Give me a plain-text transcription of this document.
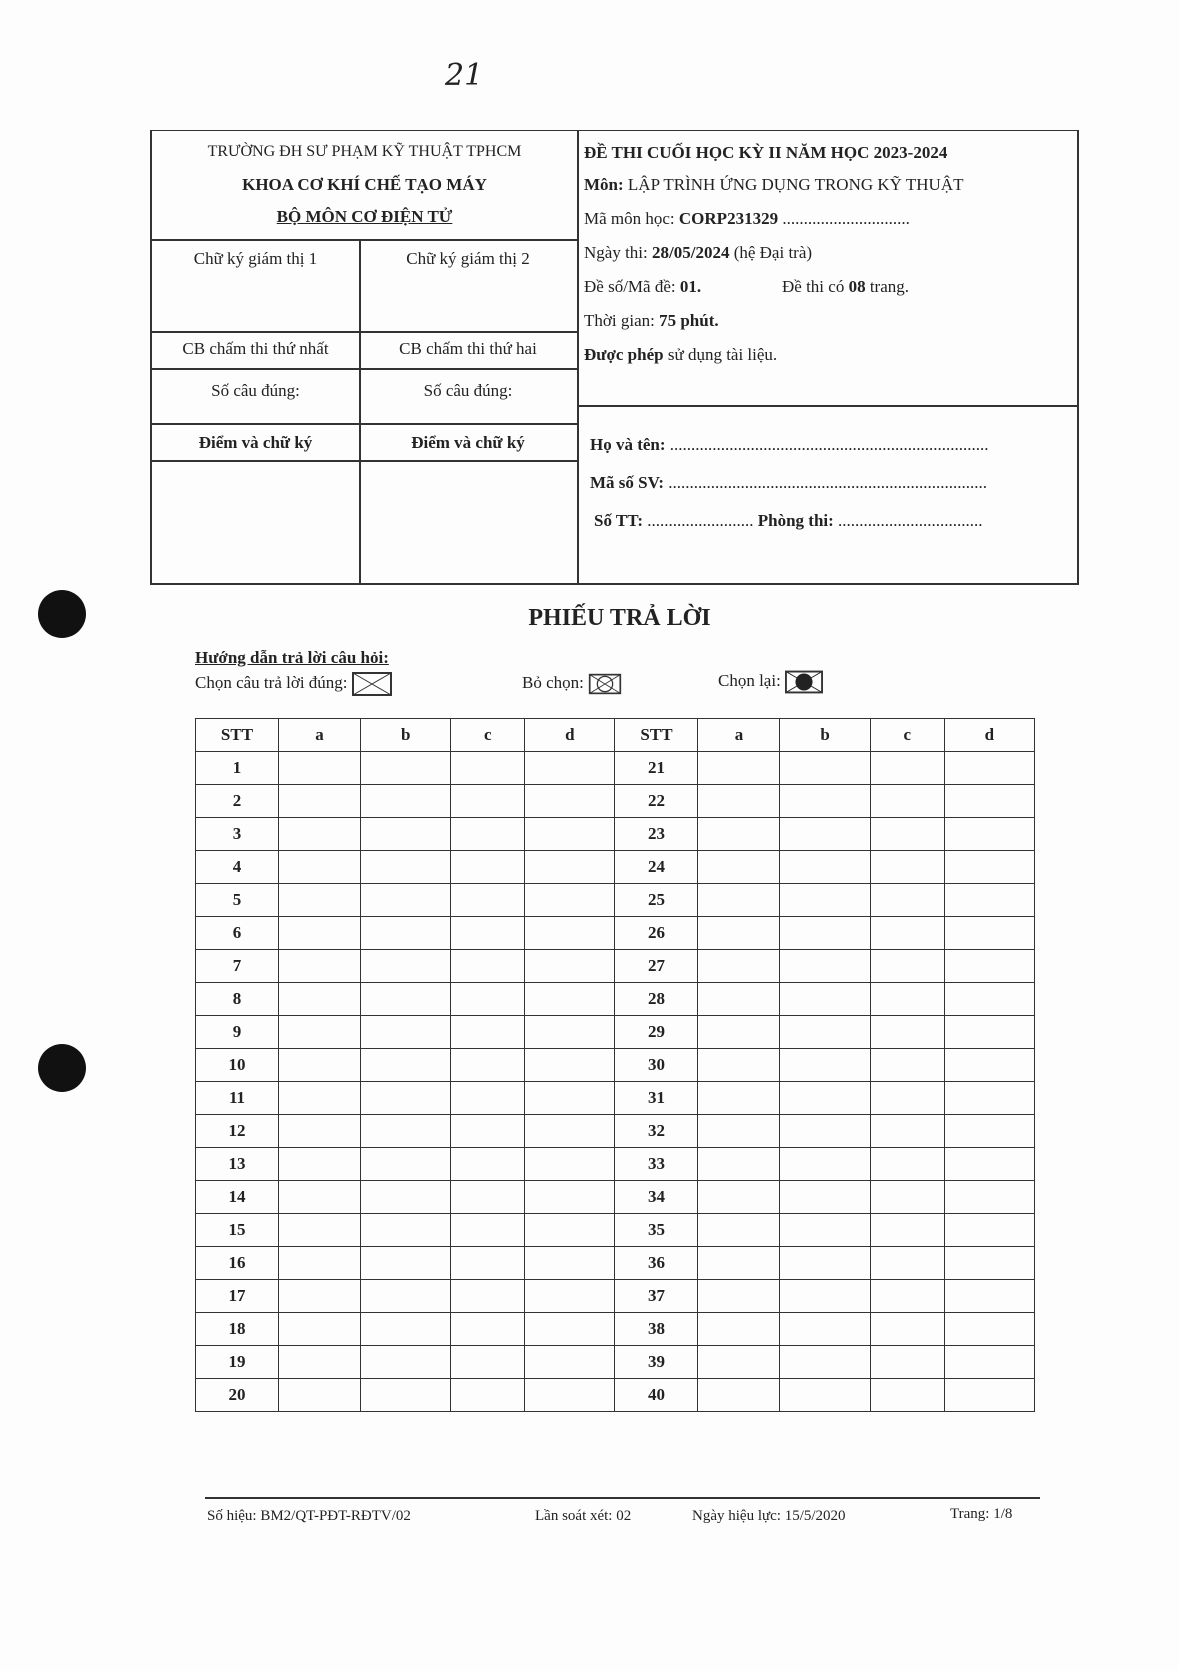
21
TRƯỜNG ĐH SƯ PHẠM KỸ THUẬT TPHCM
KHOA CƠ KHÍ CHẾ TẠO MÁY
BỘ MÔN CƠ ĐIỆN TỬ
Chữ ký giám thị 1	Chữ ký giám thị 2
CB chấm thi thứ nhất	CB chấm thi thứ hai
Số câu đúng:	Số câu đúng:
Điểm và chữ ký	Điểm và chữ ký
ĐỀ THI CUỐI HỌC KỲ II NĂM HỌC 2023-2024
Môn: LẬP TRÌNH ỨNG DỤNG TRONG KỸ THUẬT
Mã môn học: CORP231329 ..............................
Ngày thi: 28/05/2024 (hệ Đại trà)
Đề số/Mã đề: 01.	Đề thi có 08 trang.
Thời gian: 75 phút.
Được phép sử dụng tài liệu.
Họ và tên: ...........................................................................
Mã số SV: ...........................................................................
Số TT: ......................... Phòng thi: ..................................
PHIẾU TRẢ LỜI
Hướng dẫn trả lời câu hỏi:
Chọn câu trả lời đúng:	Bỏ chọn:	Chọn lại:
STT	a	b	c	d	STT	a	b	c	d
1					21				
2					22				
3					23				
4					24				
5					25				
6					26				
7					27				
8					28				
9					29				
10					30				
11					31				
12					32				
13					33				
14					34				
15					35				
16					36				
17					37				
18					38				
19					39				
20					40				
Số hiệu: BM2/QT-PĐT-RĐTV/02	Lần soát xét: 02	Ngày hiệu lực: 15/5/2020	Trang: 1/8
